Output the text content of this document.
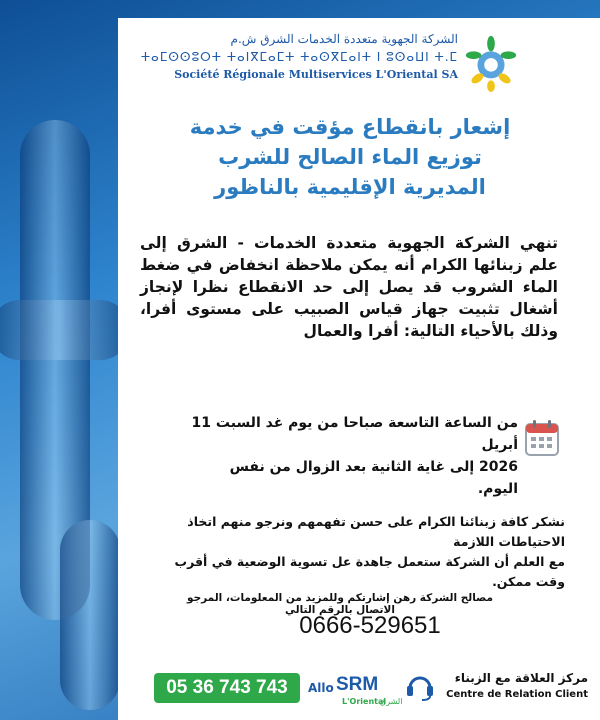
الشركة الجهوية متعددة الخدمات الشرق ش.م
ⵜⴰⵎⵙⵙⵓⵔⵜ ⵜⴰⵏⴳⵎⴰⵎⵜ ⵜⴰⵙⴳⵎⴰⵏⵜ ⵏ ⵓⵙⴰⵡⵏ ⵜ.ⵎ
Société Régionale Multiservices L'Oriental SA
إشعار بانقطاع مؤقت في خدمة
توزيع الماء الصالح للشرب
المديرية الإقليمية بالناظور
تنهي الشركة الجهوية متعددة الخدمات - الشرق إلى علم زبنائها الكرام أنه يمكن ملاحظة انخفاض في ضغط الماء الشروب قد يصل إلى حد الانقطاع نظرا لإنجاز أشغال تثبيت جهاز قياس الصبيب على مستوى أفرا، وذلك بالأحياء التالية: أفرا والعمال
من الساعة التاسعة صباحا من يوم غد السبت 11 أبريل
2026 إلى غاية الثانية بعد الزوال من نفس اليوم.
نشكر كافة زبنائنا الكرام على حسن تفهمهم ونرجو منهم اتخاذ الاحتياطات اللازمة
مع العلم أن الشركة ستعمل جاهدة عل تسوية الوضعية في أقرب وقت ممكن.
مصالح الشركة رهن إشارتكم وللمزيد من المعلومات، المرجو الاتصال بالرقم التالي
0666-529651
05 36 743 743	Allo SRM
L'Oriental
الشرق
مركز العلاقة مع الزبناء
Centre de Relation Client
